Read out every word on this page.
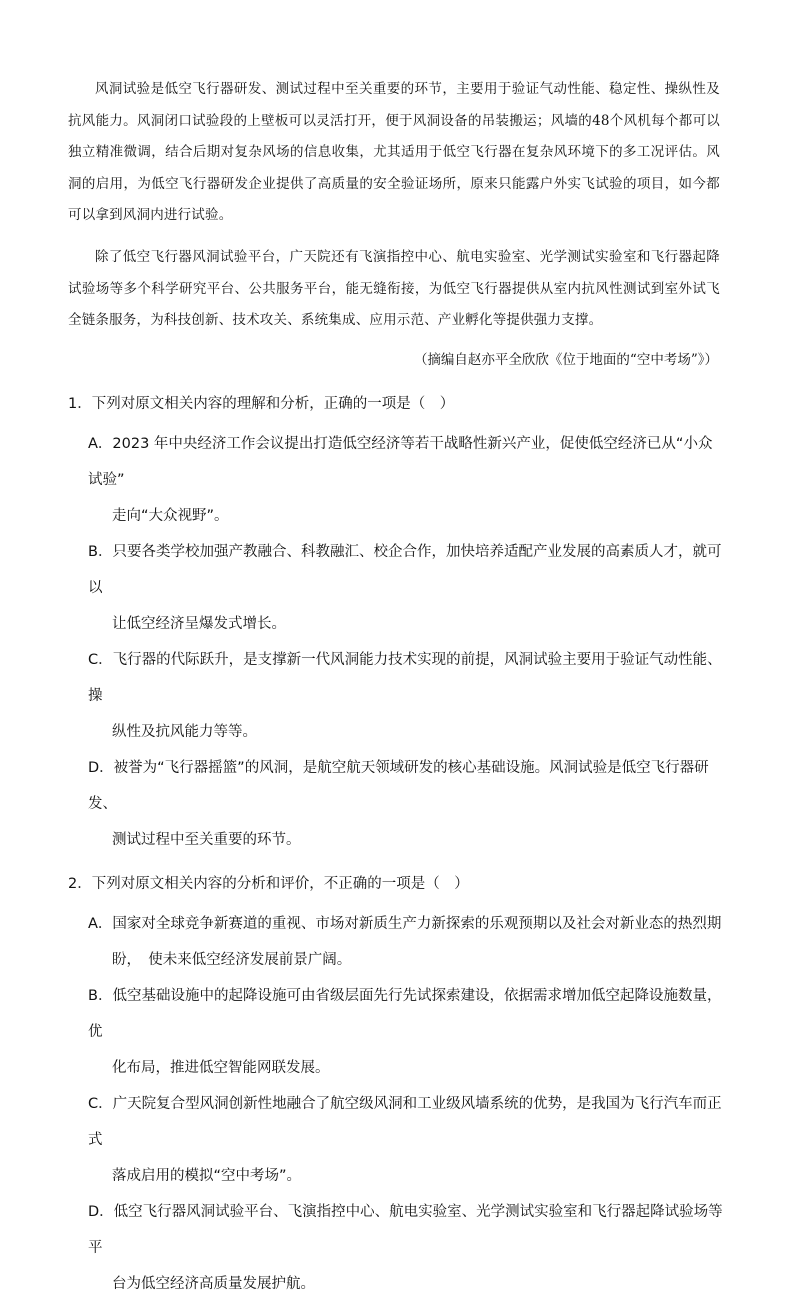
风洞试验是低空飞行器研发、测试过程中至关重要的环节，主要用于验证气动性能、稳定性、操纵性及抗风能力。风洞闭口试验段的上壁板可以灵活打开，便于风洞设备的吊装搬运；风墙的48个风机每个都可以独立精准微调，结合后期对复杂风场的信息收集，尤其适用于低空飞行器在复杂风环境下的多工况评估。风洞的启用，为低空飞行器研发企业提供了高质量的安全验证场所，原来只能露户外实飞试验的项目，如今都可以拿到风洞内进行试验。

除了低空飞行器风洞试验平台，广天院还有飞演指控中心、航电实验室、光学测试实验室和飞行器起降试验场等多个科学研究平台、公共服务平台，能无缝衔接，为低空飞行器提供从室内抗风性测试到室外试飞全链条服务，为科技创新、技术攻关、系统集成、应用示范、产业孵化等提供强力支撑。

（摘编自赵亦平全欣欣《位于地面的“空中考场”》）

1．下列对原文相关内容的理解和分析，正确的一项是（　）

A．2023 年中央经济工作会议提出打造低空经济等若干战略性新兴产业，促使低空经济已从“小众试验”
走向“大众视野”。
B．只要各类学校加强产教融合、科教融汇、校企合作，加快培养适配产业发展的高素质人才，就可以
让低空经济呈爆发式增长。
C．飞行器的代际跃升，是支撑新一代风洞能力技术实现的前提，风洞试验主要用于验证气动性能、操
纵性及抗风能力等等。
D．被誉为“飞行器摇篮”的风洞，是航空航天领域研发的核心基础设施。风洞试验是低空飞行器研发、
测试过程中至关重要的环节。

2．下列对原文相关内容的分析和评价，不正确的一项是（　）

A．国家对全球竞争新赛道的重视、市场对新质生产力新探索的乐观预期以及社会对新业态的热烈期
盼，　使未来低空经济发展前景广阔。
B．低空基础设施中的起降设施可由省级层面先行先试探索建设，依据需求增加低空起降设施数量，优
化布局，推进低空智能网联发展。
C．广天院复合型风洞创新性地融合了航空级风洞和工业级风墙系统的优势，是我国为飞行汽车而正式
落成启用的模拟“空中考场”。
D．低空飞行器风洞试验平台、飞演指控中心、航电实验室、光学测试实验室和飞行器起降试验场等平
台为低空经济高质量发展护航。
